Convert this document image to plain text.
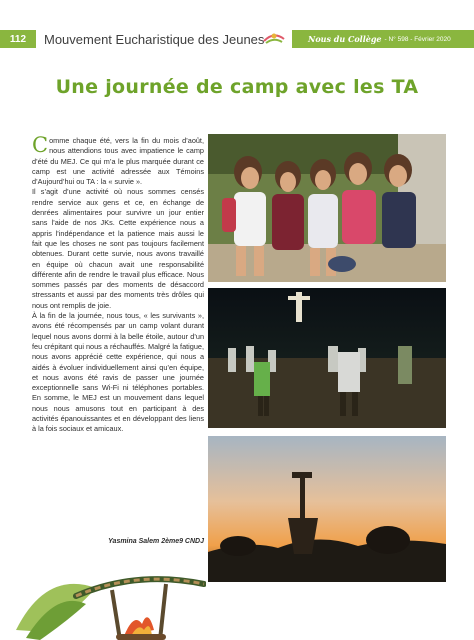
112	Mouvement Eucharistique des Jeunes	Nous du Collège - N° 598 - Février 2020
Une journée de camp avec les TA

Comme chaque été, vers la fin du mois d’août, nous attendions tous avec impatience le camp d’été du MEJ. Ce qui m’a le plus marquée durant ce camp est une activité adressée aux Témoins d’Aujourd’hui ou TA : la « survie ».

Il s’agit d’une activité où nous sommes censés rendre service aux gens et ce, en échange de denrées alimentaires pour survivre un jour entier sans l’aide de nos JKs. Cette expérience nous a appris l’indépendance et la patience mais aussi le fait que les choses ne sont pas toujours facilement obtenues. Durant cette survie, nous avons travaillé en équipe où chacun avait une responsabilité différente afin de rendre le travail plus efficace. Nous sommes passés par des moments de désaccord stressants et aussi par des moments très drôles qui nous ont remplis de joie.

À la fin de la journée, nous tous, « les survivants », avons été récompensés par un camp volant durant lequel nous avons dormi à la belle étoile, autour d’un feu crépitant qui nous a réchauffés. Malgré la fatigue, nous avons apprécié cette expérience, qui nous a aidés à évoluer individuellement ainsi qu’en équipe, et nous avons été ravis de passer une journée exceptionnelle sans Wi-Fi ni téléphones portables. En somme, le MEJ est un mouvement dans lequel nous nous amusons tout en participant à des activités épanouissantes et en développant des liens à la fois sociaux et amicaux.

Yasmina Salem 2ème9 CNDJ
